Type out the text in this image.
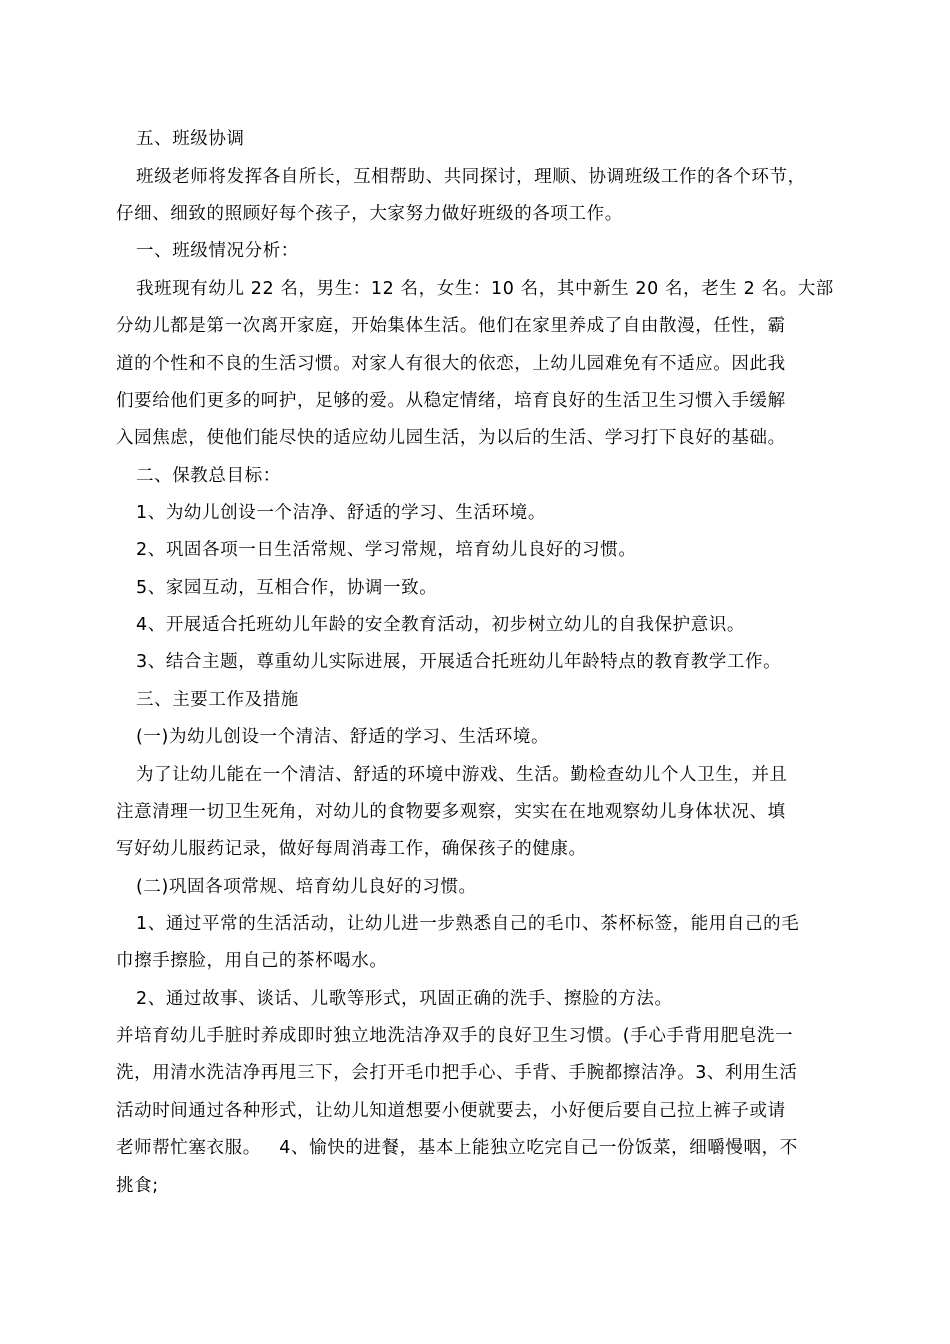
五、班级协调
班级老师将发挥各自所长，互相帮助、共同探讨，理顺、协调班级工作的各个环节，
仔细、细致的照顾好每个孩子，大家努力做好班级的各项工作。
一、班级情况分析：
我班现有幼儿 22 名，男生：12 名，女生：10 名，其中新生 20 名，老生 2 名。大部
分幼儿都是第一次离开家庭，开始集体生活。他们在家里养成了自由散漫，任性，霸
道的个性和不良的生活习惯。对家人有很大的依恋，上幼儿园难免有不适应。因此我
们要给他们更多的呵护，足够的爱。从稳定情绪，培育良好的生活卫生习惯入手缓解
入园焦虑，使他们能尽快的适应幼儿园生活，为以后的生活、学习打下良好的基础。
二、保教总目标：
1、为幼儿创设一个洁净、舒适的学习、生活环境。
2、巩固各项一日生活常规、学习常规，培育幼儿良好的习惯。
5、家园互动，互相合作，协调一致。
4、开展适合托班幼儿年龄的安全教育活动，初步树立幼儿的自我保护意识。
3、结合主题，尊重幼儿实际进展，开展适合托班幼儿年龄特点的教育教学工作。
三、主要工作及措施
(一)为幼儿创设一个清洁、舒适的学习、生活环境。
为了让幼儿能在一个清洁、舒适的环境中游戏、生活。勤检查幼儿个人卫生，并且
注意清理一切卫生死角，对幼儿的食物要多观察，实实在在地观察幼儿身体状况、填
写好幼儿服药记录，做好每周消毒工作，确保孩子的健康。
(二)巩固各项常规、培育幼儿良好的习惯。
1、通过平常的生活活动，让幼儿进一步熟悉自己的毛巾、茶杯标签，能用自己的毛
巾擦手擦脸，用自己的茶杯喝水。
2、通过故事、谈话、儿歌等形式，巩固正确的洗手、擦脸的方法。
并培育幼儿手脏时养成即时独立地洗洁净双手的良好卫生习惯。(手心手背用肥皂洗一
洗，用清水洗洁净再甩三下，会打开毛巾把手心、手背、手腕都擦洁净。3、利用生活
活动时间通过各种形式，让幼儿知道想要小便就要去，小好便后要自己拉上裤子或请
老师帮忙塞衣服。   4、愉快的进餐，基本上能独立吃完自己一份饭菜，细嚼慢咽，不
挑食;
